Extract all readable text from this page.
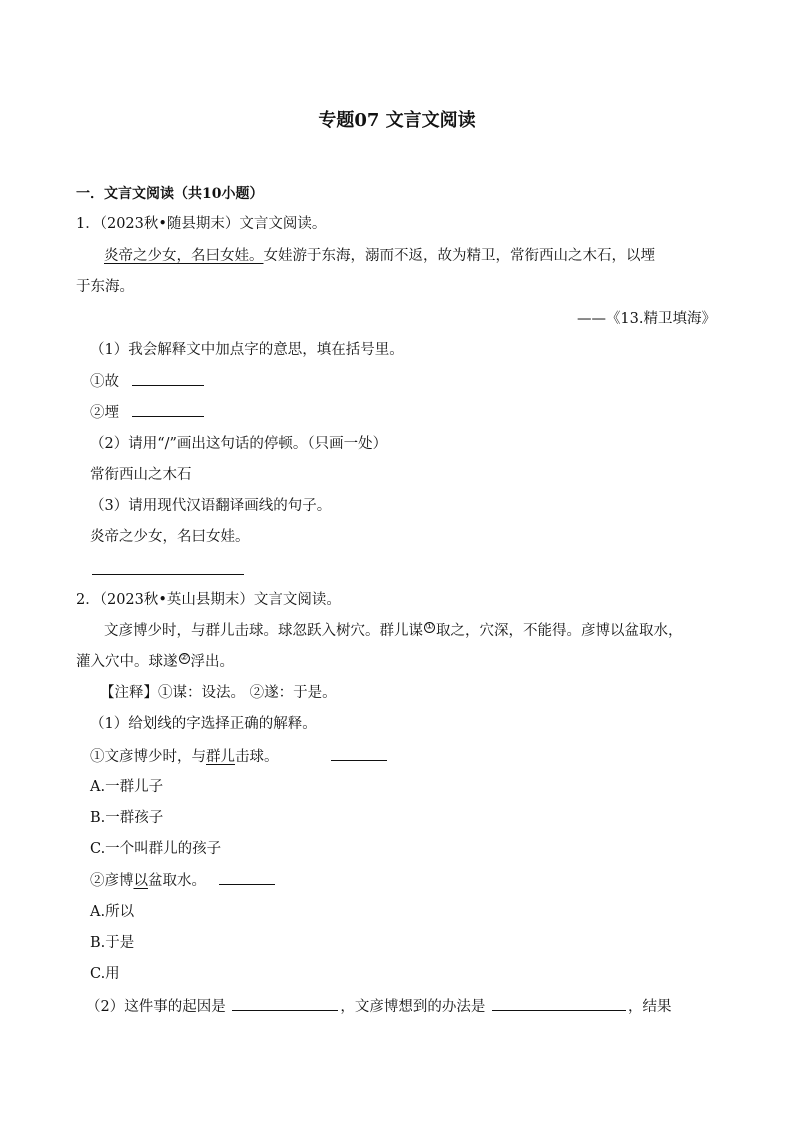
专题07 文言文阅读
一．文言文阅读（共10小题）
1．（2023秋•随县期末）文言文阅读。
炎帝之少女，名曰女娃。女娃游于东海，溺而不返，故为精卫，常衔西山之木石，以堙
于东海。
——《13.精卫填海》
（1）我会解释文中加点字的意思，填在括号里。
①故
②堙
（2）请用“/”画出这句话的停顿。（只画一处）
常衔西山之木石
（3）请用现代汉语翻译画线的句子。
炎帝之少女，名曰女娃。
2．（2023秋•英山县期末）文言文阅读。
文彦博少时，与群儿击球。球忽跃入树穴。群儿谋 ① 取之，穴深，不能得。彦博以盆取水，
灌入穴中。球遂 ② 浮出。
【注释】①谋：设法。 ②遂：于是。
（1）给划线的字选择正确的解释。
①文彦博少时，与群儿击球。
A.一群儿子
B.一群孩子
C.一个叫群儿的孩子
②彦博以盆取水。
A.所以
B.于是
C.用
（2）这件事的起因是	，文彦博想到的办法是	，结果
